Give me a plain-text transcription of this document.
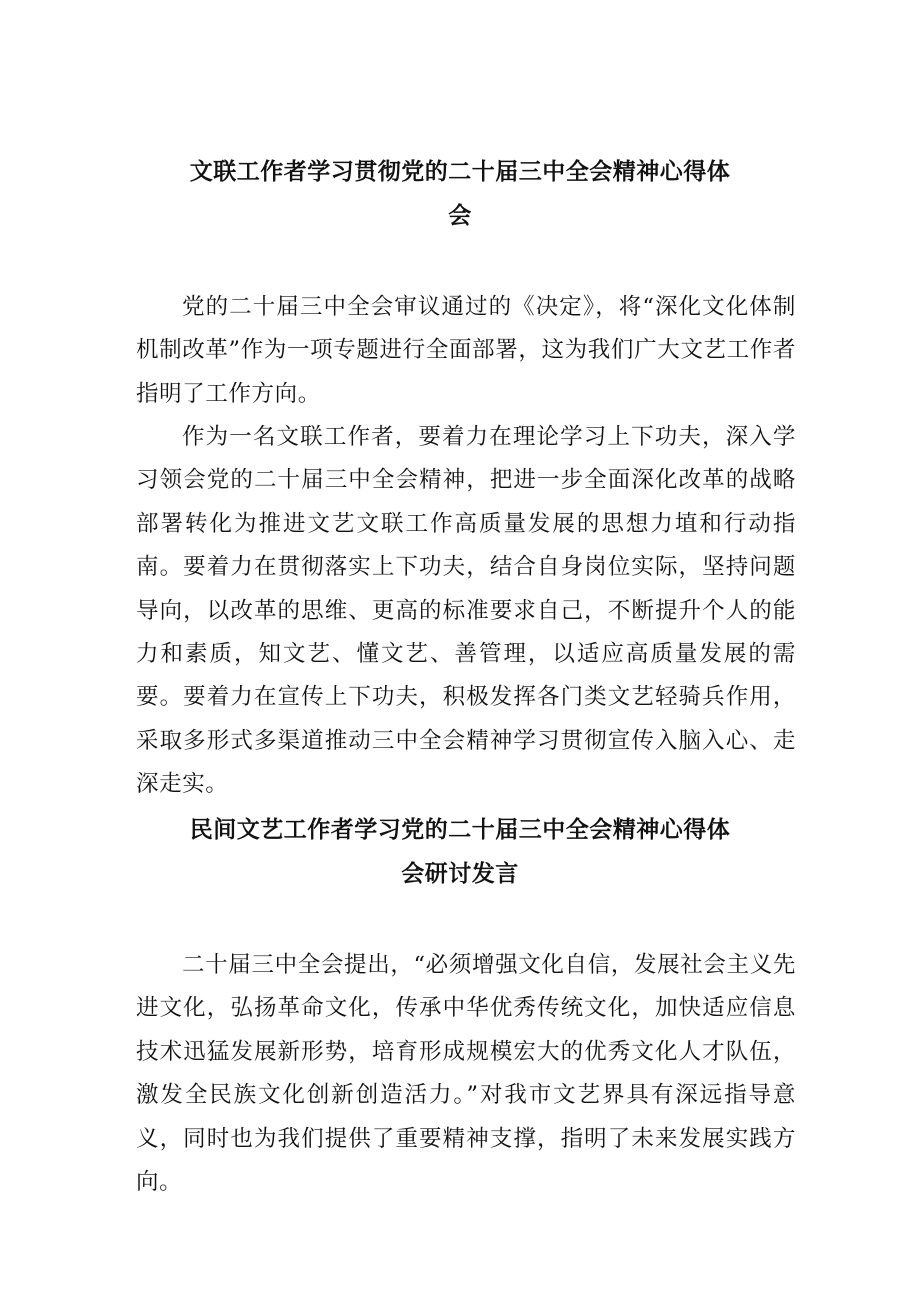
文联工作者学习贯彻党的二十届三中全会精神心得体
会

党的二十届三中全会审议通过的《决定》，将“深化文化体制机制改革”作为一项专题进行全面部署，这为我们广大文艺工作者指明了工作方向。

作为一名文联工作者，要着力在理论学习上下功夫，深入学习领会党的二十届三中全会精神，把进一步全面深化改革的战略部署转化为推进文艺文联工作高质量发展的思想力埴和行动指南。要着力在贯彻落实上下功夫，结合自身岗位实际，坚持问题导向，以改革的思维、更高的标准要求自己，不断提升个人的能力和素质，知文艺、懂文艺、善管理，以适应高质量发展的需要。要着力在宣传上下功夫，积极发挥各门类文艺轻骑兵作用，采取多形式多渠道推动三中全会精神学习贯彻宣传入脑入心、走深走实。

民间文艺工作者学习党的二十届三中全会精神心得体
会研讨发言

二十届三中全会提出，“必须增强文化自信，发展社会主义先进文化，弘扬革命文化，传承中华优秀传统文化，加快适应信息技术迅猛发展新形势，培育形成规模宏大的优秀文化人才队伍，激发全民族文化创新创造活力。”对我市文艺界具有深远指导意义，同时也为我们提供了重要精神支撑，指明了未来发展实践方向。
